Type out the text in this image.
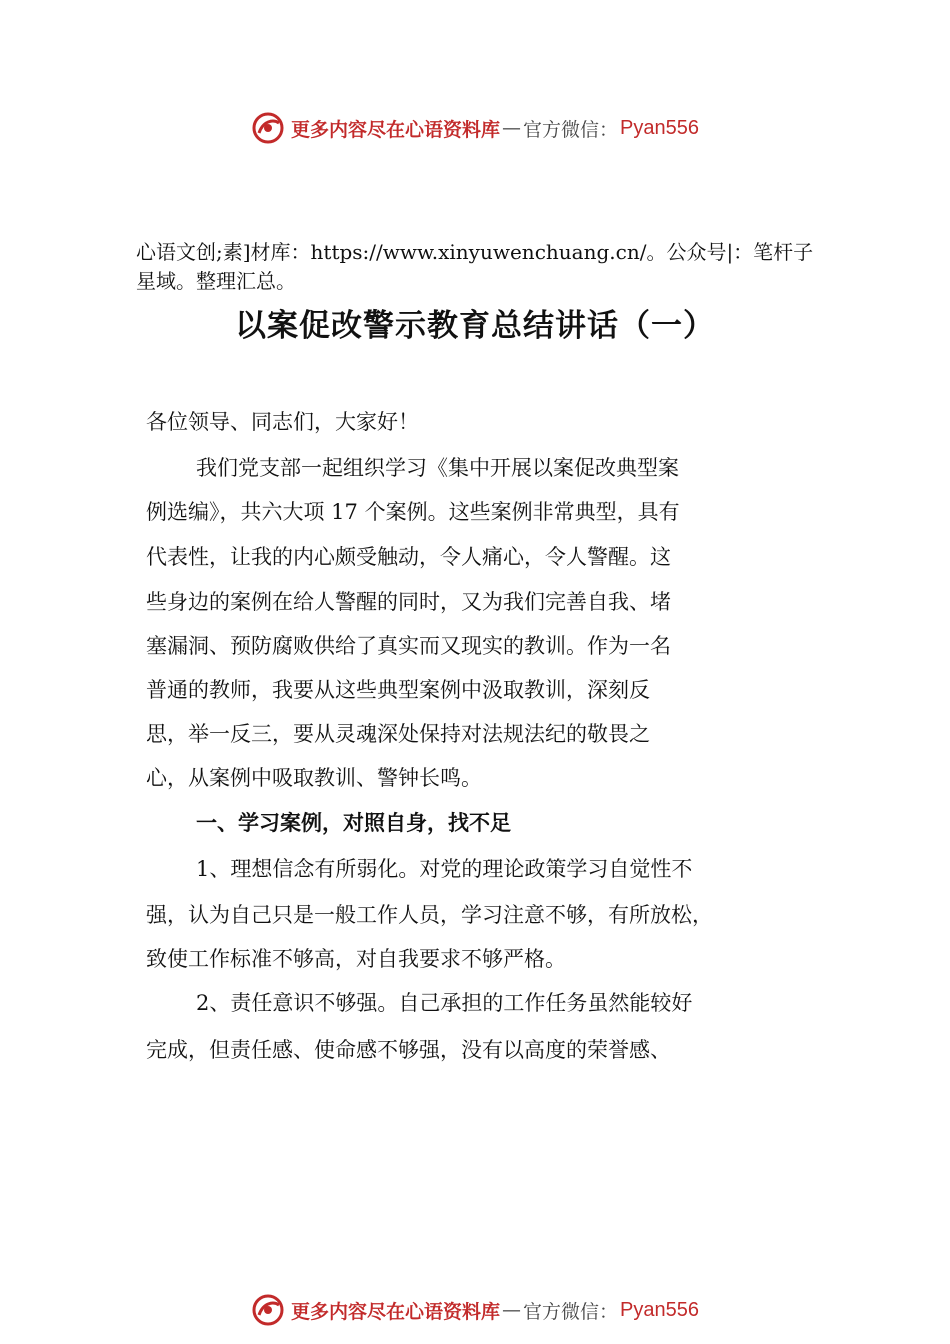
更多内容尽在心语资料库 — 官方微信： Pyan556
心语文创;素]材库：https://www.xinyuwenchuang.cn/。公众号|：笔杆子星域。整理汇总。
以案促改警示教育总结讲话（一）
各位领导、同志们，大家好！
我们党支部一起组织学习《集中开展以案促改典型案
例选编》，共六大项 17 个案例。这些案例非常典型，具有
代表性，让我的内心颇受触动，令人痛心，令人警醒。这
些身边的案例在给人警醒的同时，又为我们完善自我、堵
塞漏洞、预防腐败供给了真实而又现实的教训。作为一名
普通的教师，我要从这些典型案例中汲取教训，深刻反
思，举一反三，要从灵魂深处保持对法规法纪的敬畏之
心，从案例中吸取教训、警钟长鸣。
一、学习案例，对照自身，找不足
1、理想信念有所弱化。对党的理论政策学习自觉性不
强，认为自己只是一般工作人员，学习注意不够，有所放松，
致使工作标准不够高，对自我要求不够严格。
2、责任意识不够强。自己承担的工作任务虽然能较好
完成，但责任感、使命感不够强，没有以高度的荣誉感、
更多内容尽在心语资料库 — 官方微信： Pyan556
